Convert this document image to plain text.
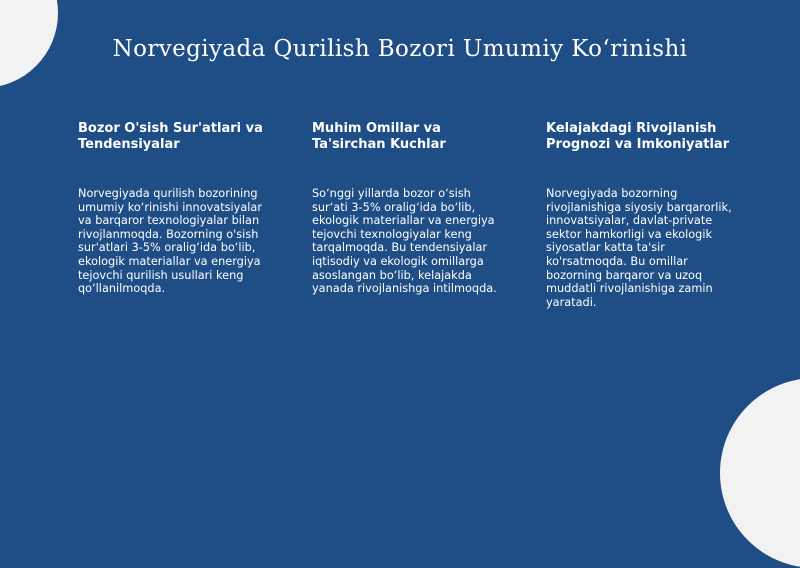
Norvegiyada Qurilish Bozori Umumiy Ko‘rinishi
Bozor O'sish Sur'atlari va Tendensiyalar

Norvegiyada qurilish bozorining umumiy ko‘rinishi innovatsiyalar va barqaror texnologiyalar bilan rivojlanmoqda. Bozorning o'sish sur'atlari 3-5% oralig‘ida bo‘lib, ekologik materiallar va energiya tejovchi qurilish usullari keng qo‘llanilmoqda.

Muhim Omillar va Ta'sirchan Kuchlar

So‘nggi yillarda bozor o‘sish sur‘ati 3-5% oralig‘ida bo‘lib, ekologik materiallar va energiya tejovchi texnologiyalar keng tarqalmoqda. Bu tendensiyalar iqtisodiy va ekologik omillarga asoslangan bo‘lib, kelajakda yanada rivojlanishga intilmoqda.

Kelajakdagi Rivojlanish Prognozi va Imkoniyatlar

Norvegiyada bozorning rivojlanishiga siyosiy barqarorlik, innovatsiyalar, davlat-private sektor hamkorligi va ekologik siyosatlar katta ta'sir ko'rsatmoqda. Bu omillar bozorning barqaror va uzoq muddatli rivojlanishiga zamin yaratadi.
